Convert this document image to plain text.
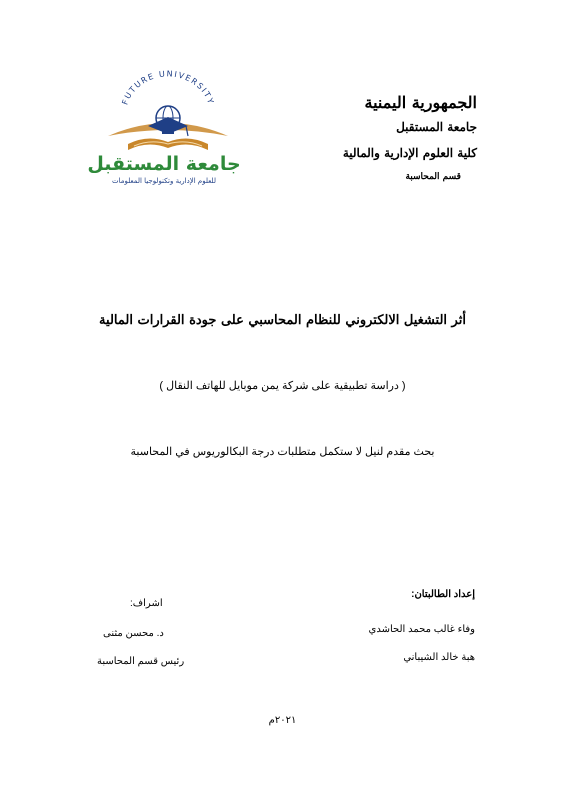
FUTURE UNIVERSITY
جامعة المستقبل
للعلوم الإدارية وتكنولوجيا المعلومات
الجمهورية اليمنية
جامعة المستقبل
كلية العلوم الإدارية والمالية
قسم المحاسبة
أثر التشغيل الالكتروني للنظام المحاسبي على جودة القرارات المالية
( دراسة تطبيقية على شركة يمن موبايل للهاتف النقال )
بحث مقدم لنيل لا ستكمل متطلبات درجة البكالوريوس في المحاسبة
إعداد الطالبتان:
وفاء غالب محمد الحاشدي
هبة خالد الشيباني
اشراف:
د. محسن مثنى
رئيس قسم المحاسبة
٢٠٢١م
